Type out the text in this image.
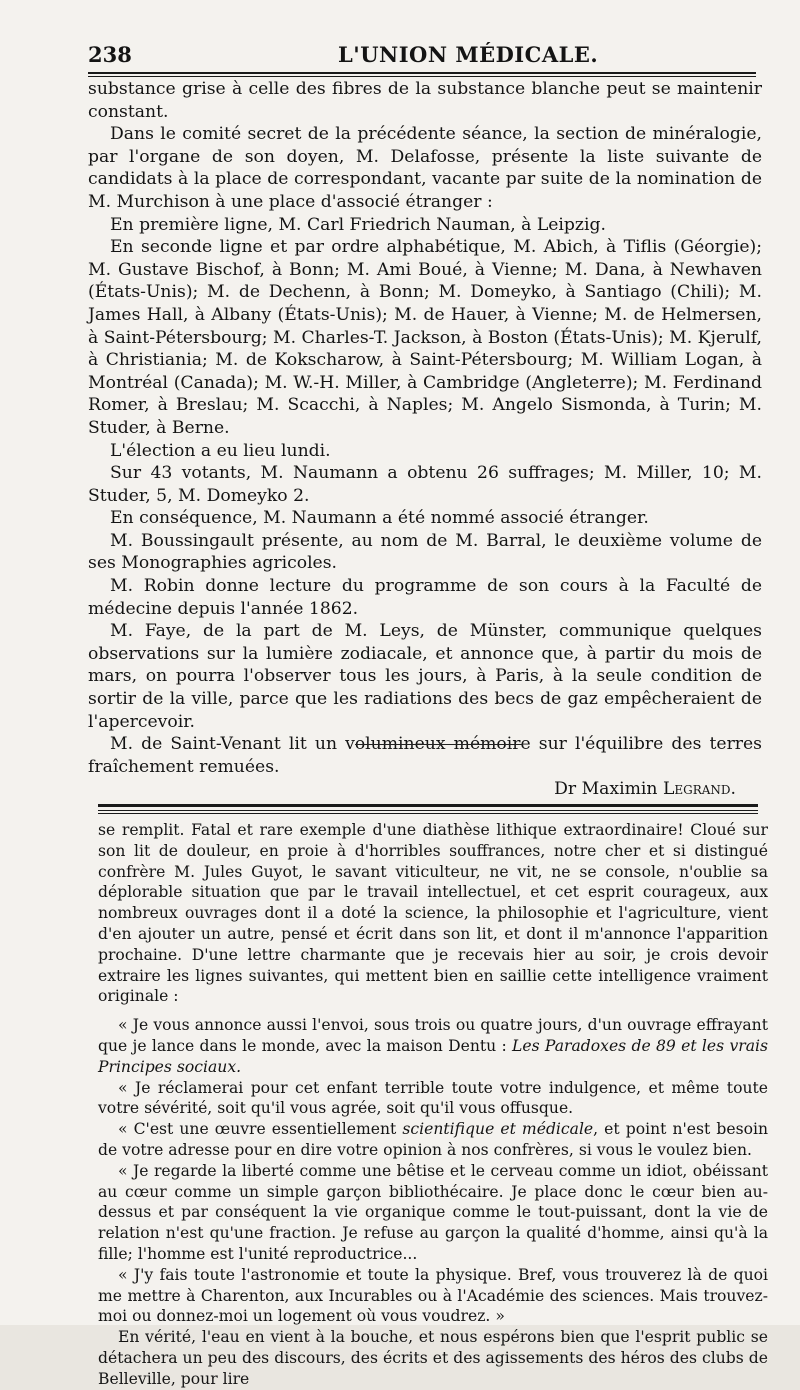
238	L'UNION MÉDICALE.

substance grise à celle des fibres de la substance blanche peut se maintenir constant.

Dans le comité secret de la précédente séance, la section de minéralogie, par l'organe de son doyen, M. Delafosse, présente la liste suivante de candidats à la place de correspondant, vacante par suite de la nomination de M. Murchison à une place d'associé étranger :

En première ligne, M. Carl Friedrich Nauman, à Leipzig.

En seconde ligne et par ordre alphabétique, M. Abich, à Tiflis (Géorgie); M. Gustave Bischof, à Bonn; M. Ami Boué, à Vienne; M. Dana, à Newhaven (États-Unis); M. de Dechenn, à Bonn; M. Domeyko, à Santiago (Chili); M. James Hall, à Albany (États-Unis); M. de Hauer, à Vienne; M. de Helmersen, à Saint-Pétersbourg; M. Charles-T. Jackson, à Boston (États-Unis); M. Kjerulf, à Christiania; M. de Kokscharow, à Saint-Pétersbourg; M. William Logan, à Montréal (Canada); M. W.-H. Miller, à Cambridge (Angleterre); M. Ferdinand Romer, à Breslau; M. Scacchi, à Naples; M. Angelo Sismonda, à Turin; M. Studer, à Berne.

L'élection a eu lieu lundi.

Sur 43 votants, M. Naumann a obtenu 26 suffrages; M. Miller, 10; M. Studer, 5, M. Domeyko 2.

En conséquence, M. Naumann a été nommé associé étranger.

M. Boussingault présente, au nom de M. Barral, le deuxième volume de ses Monographies agricoles.

M. Robin donne lecture du programme de son cours à la Faculté de médecine depuis l'année 1862.

M. Faye, de la part de M. Leys, de Münster, communique quelques observations sur la lumière zodiacale, et annonce que, à partir du mois de mars, on pourra l'observer tous les jours, à Paris, à la seule condition de sortir de la ville, parce que les radiations des becs de gaz empêcheraient de l'apercevoir.

M. de Saint-Venant lit un volumineux mémoire sur l'équilibre des terres fraîchement remuées.

Dr Maximin Legrand.

se remplit. Fatal et rare exemple d'une diathèse lithique extraordinaire! Cloué sur son lit de douleur, en proie à d'horribles souffrances, notre cher et si distingué confrère M. Jules Guyot, le savant viticulteur, ne vit, ne se console, n'oublie sa déplorable situation que par le travail intellectuel, et cet esprit courageux, aux nombreux ouvrages dont il a doté la science, la philosophie et l'agriculture, vient d'en ajouter un autre, pensé et écrit dans son lit, et dont il m'annonce l'apparition prochaine. D'une lettre charmante que je recevais hier au soir, je crois devoir extraire les lignes suivantes, qui mettent bien en saillie cette intelligence vraiment originale :

« Je vous annonce aussi l'envoi, sous trois ou quatre jours, d'un ouvrage effrayant que je lance dans le monde, avec la maison Dentu : Les Paradoxes de 89 et les vrais Principes sociaux.

« Je réclamerai pour cet enfant terrible toute votre indulgence, et même toute votre sévérité, soit qu'il vous agrée, soit qu'il vous offusque.

« C'est une œuvre essentiellement scientifique et médicale, et point n'est besoin de votre adresse pour en dire votre opinion à nos confrères, si vous le voulez bien.

« Je regarde la liberté comme une bêtise et le cerveau comme un idiot, obéissant au cœur comme un simple garçon bibliothécaire. Je place donc le cœur bien au-dessus et par conséquent la vie organique comme le tout-puissant, dont la vie de relation n'est qu'une fraction. Je refuse au garçon la qualité d'homme, ainsi qu'à la fille; l'homme est l'unité reproductrice...

« J'y fais toute l'astronomie et toute la physique. Bref, vous trouverez là de quoi me mettre à Charenton, aux Incurables ou à l'Académie des sciences. Mais trouvez-moi ou donnez-moi un logement où vous voudrez. »

En vérité, l'eau en vient à la bouche, et nous espérons bien que l'esprit public se détachera un peu des discours, des écrits et des agissements des héros des clubs de Belleville, pour lire
